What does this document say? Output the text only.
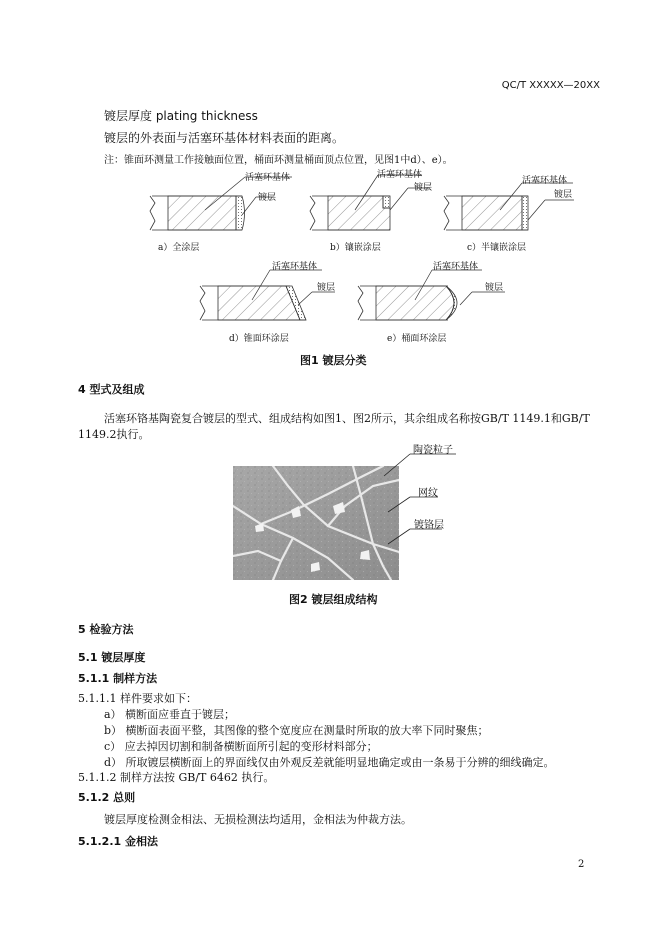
QC/T XXXXX—20XX
镀层厚度 plating thickness
镀层的外表面与活塞环基体材料表面的距离。
注：锥面环测量工作接触面位置，桶面环测量桶面顶点位置，见图1中d）、e）。
活塞环基体
镀层
a）全涂层
活塞环基体
镀层
b）镶嵌涂层
活塞环基体
镀层
c）半镶嵌涂层
活塞环基体
镀层
d）锥面环涂层
活塞环基体
镀层
e）桶面环涂层
图1 镀层分类
4 型式及组成
活塞环铬基陶瓷复合镀层的型式、组成结构如图1、图2所示，其余组成名称按GB/T 1149.1和GB/T
1149.2执行。
陶瓷粒子
网纹
镀铬层
图2 镀层组成结构
5 检验方法
5.1 镀层厚度
5.1.1 制样方法
5.1.1.1 样件要求如下：
a） 横断面应垂直于镀层；
b） 横断面表面平整，其图像的整个宽度应在测量时所取的放大率下同时聚焦；
c） 应去掉因切割和制备横断面所引起的变形材料部分；
d） 所取镀层横断面上的界面线仅由外观反差就能明显地确定或由一条易于分辨的细线确定。
5.1.1.2 制样方法按 GB/T 6462 执行。
5.1.2 总则
镀层厚度检测金相法、无损检测法均适用，金相法为仲裁方法。
5.1.2.1 金相法
2
